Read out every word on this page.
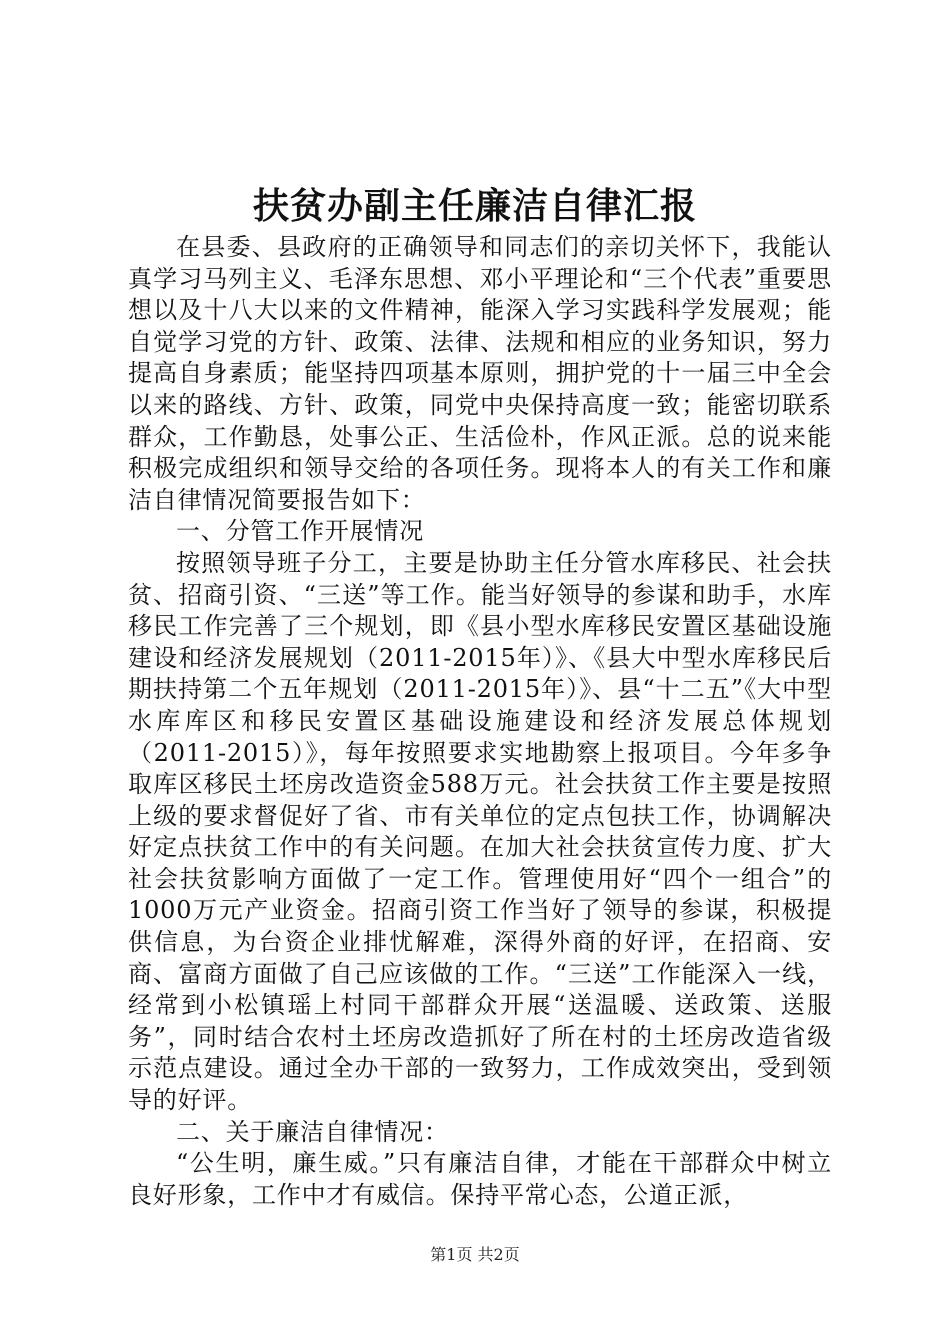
扶贫办副主任廉洁自律汇报

在县委、县政府的正确领导和同志们的亲切关怀下，我能认真学习马列主义、毛泽东思想、邓小平理论和“三个代表”重要思想以及十八大以来的文件精神，能深入学习实践科学发展观；能自觉学习党的方针、政策、法律、法规和相应的业务知识，努力提高自身素质；能坚持四项基本原则，拥护党的十一届三中全会以来的路线、方针、政策，同党中央保持高度一致；能密切联系群众，工作勤恳，处事公正、生活俭朴，作风正派。总的说来能积极完成组织和领导交给的各项任务。现将本人的有关工作和廉洁自律情况简要报告如下：

一、分管工作开展情况

按照领导班子分工，主要是协助主任分管水库移民、社会扶贫、招商引资、“三送”等工作。能当好领导的参谋和助手，水库移民工作完善了三个规划，即《县小型水库移民安置区基础设施建设和经济发展规划（2011-2015年）》、《县大中型水库移民后期扶持第二个五年规划（2011-2015年）》、县“十二五”《大中型水库库区和移民安置区基础设施建设和经济发展总体规划（2011-2015）》，每年按照要求实地勘察上报项目。今年多争取库区移民土坯房改造资金588万元。社会扶贫工作主要是按照上级的要求督促好了省、市有关单位的定点包扶工作，协调解决好定点扶贫工作中的有关问题。在加大社会扶贫宣传力度、扩大社会扶贫影响方面做了一定工作。管理使用好“四个一组合”的1000万元产业资金。招商引资工作当好了领导的参谋，积极提供信息，为台资企业排忧解难，深得外商的好评，在招商、安商、富商方面做了自己应该做的工作。“三送”工作能深入一线，经常到小松镇瑶上村同干部群众开展“送温暖、送政策、送服务”，同时结合农村土坯房改造抓好了所在村的土坯房改造省级示范点建设。通过全办干部的一致努力，工作成效突出，受到领导的好评。

二、关于廉洁自律情况：

“公生明，廉生威。”只有廉洁自律，才能在干部群众中树立良好形象，工作中才有威信。保持平常心态，公道正派，

第1页 共2页
